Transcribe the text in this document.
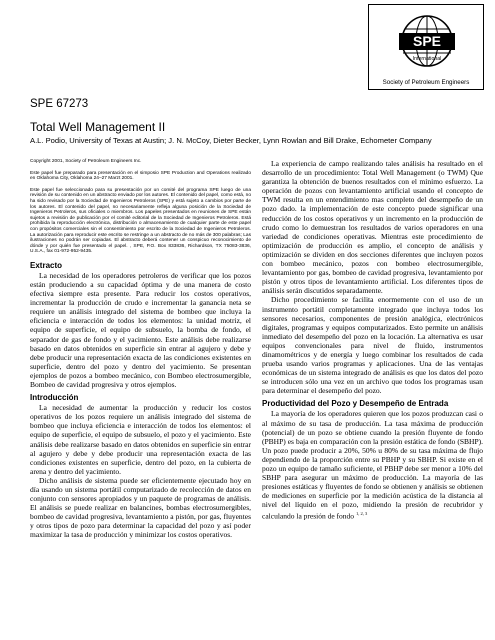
SPE
International
Society of Petroleum Engineers
SPE 67273
Total Well Management II
A.L. Podio, University of Texas at Austin; J. N. McCoy, Dieter Becker, Lynn Rowlan and Bill Drake, Echometer Company

Copyright 2001, Society of Petroleum Engineers Inc.

Este papel fue preparado para presentación en el simposio SPE Production and Operations realizado en Oklahoma City, Oklahoma 24–27 Marzt 2001.

Este papel fue seleccionado para su presentación por un comité del programa SPE luego de una revisión de su contenido en un abstracto enviado por los autores. El contenido del papel, como está, no ha sido revisado por la Sociedad de Ingenieros Petroleros (SPE) y está sujeto a cambios por parte de los autores. El contenido del papel, no necesariamente refleja alguna posición de la Sociedad de Ingenieros Petroleros, sus oficiales o miembros. Los papeles presentados en reuniones de SPE están sujetos a revisión de publicación por el comité editorial de la Sociedad de Ingenieros Petroleros. Está prohibida la reproducción electrónica, distribución o almacenamiento de cualquier parte de este papel con propósitos comerciales sin el consentimiento por escrito de la Sociedad de Ingenieros Petroleros. La autorización para reproducir este escrito se restringe a un abstracto de no más de 300 palabras; Las ilustraciones no podrán ser copiadas. El abstracto deberá contener un conspicuo reconocimiento de dónde y por quién fue presentado el papel. , SPE, P.O. Box 833836, Richardson, TX 75083-3836, U.S.A., fax 01-972-952-9435.

Extracto

La necesidad de los operadores petroleros de verificar que los pozos están produciendo a su capacidad óptima y de una manera de costo efectiva siempre esta presente. Para reducir los costos operativos, incrementar la producción de crudo e incrementar la ganancia neta se requiere un análisis integrado del sistema de bombeo que incluya la eficiencia e interacción de todos los elementos: la unidad motriz, el equipo de superficie, el equipo de subsuelo, la bomba de fondo, el separador de gas de fondo y el yacimiento. Este análisis debe realizarse basado en datos obtenidos en superficie sin entrar al agujero y debe y debe producir una representación exacta de las condiciones existentes en superficie, dentro del pozo y dentro del yacimiento. Se presentan ejemplos de pozos a bombeo mecánico, con Bombeo electrosumergible, Bombeo de cavidad progresiva y otros ejemplos.

Introducción

La necesidad de aumentar la producción y reducir los costos operativos de los pozos requiere un análisis integrado del sistema de bombeo que incluya eficiencia e interacción de todos los elementos: el equipo de superficie, el equipo de subsuelo, el pozo y el yacimiento. Este análisis debe realizarse basado en datos obtenidos en superficie sin entrar al agujero y debe y debe producir una representación exacta de las condiciones existentes en superficie, dentro del pozo, en la cubierta de arena y dentro del yacimiento.

Dicho análisis de sistema puede ser eficientemente ejecutado hoy en día usando un sistema portátil computarizado de recolección de datos en conjunto con sensores apropiados y un paquete de programas de análisis. El análisis se puede realizar en balancines, bombas electrosumergibles, bombeo de cavidad progresiva, levantamiento a pistón, por gas, fluyentes y otros tipos de pozo para determinar la capacidad del pozo y así poder maximizar la tasa de producción y minimizar los costos operativos.

La experiencia de campo realizando tales análisis ha resultado en el desarrollo de un procedimiento: Total Well Management (o TWM) Que garantiza la obtención de buenos resultados con el mínimo esfuerzo. La operación de pozos con levantamiento artificial usando el concepto de TWM resulta en un entendimiento mas completo del desempeño de un pozo dado. la implementación de este concepto puede significar una reducción de los costos operativos y un incremento en la producción de crudo como lo demuestran los resultados de varios operadores en una variedad de condiciones operativas. Mientras este procedimiento de optimización de producción es amplio, el concepto de análisis y optimización se dividen en dos secciones diferentes que incluyen pozos con bombeo mecánico, pozos con bombeo electrosumergible, levantamiento por gas, bombeo de cavidad progresiva, levantamiento por pistón y otros tipos de levantamiento artificial. Los diferentes tipos de análisis serán discutidos separadamente.

Dicho procedimiento se facilita enormemente con el uso de un instrumento portátil completamente integrado que incluya todos los sensores necesarios, componentes de presión analógica, electrónicos digitales, programas y equipos computarizados. Esto permite un análisis inmediato del desempeño del pozo en la locación. La alternativa es usar equipos convencionales para nivel de fluido, instrumentos dinamométricos y de energía y luego combinar los resultados de cada prueba usando varios programas y aplicaciones. Una de las ventajas económicas de un sistema integrado de análisis es que los datos del pozo se introducen sólo una vez en un archivo que todos los programas usan para determinar el desempeño del pozo.

Productividad del Pozo y Desempeño de Entrada

La mayoría de los operadores quieren que los pozos produzcan casi o al máximo de su tasa de producción. La tasa máxima de producción (potencial) de un pozo se obtiene cuando la presión fluyente de fondo (PBHP) es baja en comparación con la presión estática de fondo (SBHP). Un pozo puede producir a 20%, 50% u 80% de su tasa máxima de flujo dependiendo de la proporción entre su PBHP y su SBHP. Si existe en el pozo un equipo de tamaño suficiente, el PBHP debe ser menor a 10% del SBHP para asegurar un máximo de producción. La mayoría de las presiones estáticas y fluyentes de fondo se obtienen y análisis se obtienen de mediciones en superficie por la medición acústica de la distancia al nivel del líquido en el pozo, midiendo la presión de recubridor y calculando la presión de fondo $^{1, 2, 3}$
